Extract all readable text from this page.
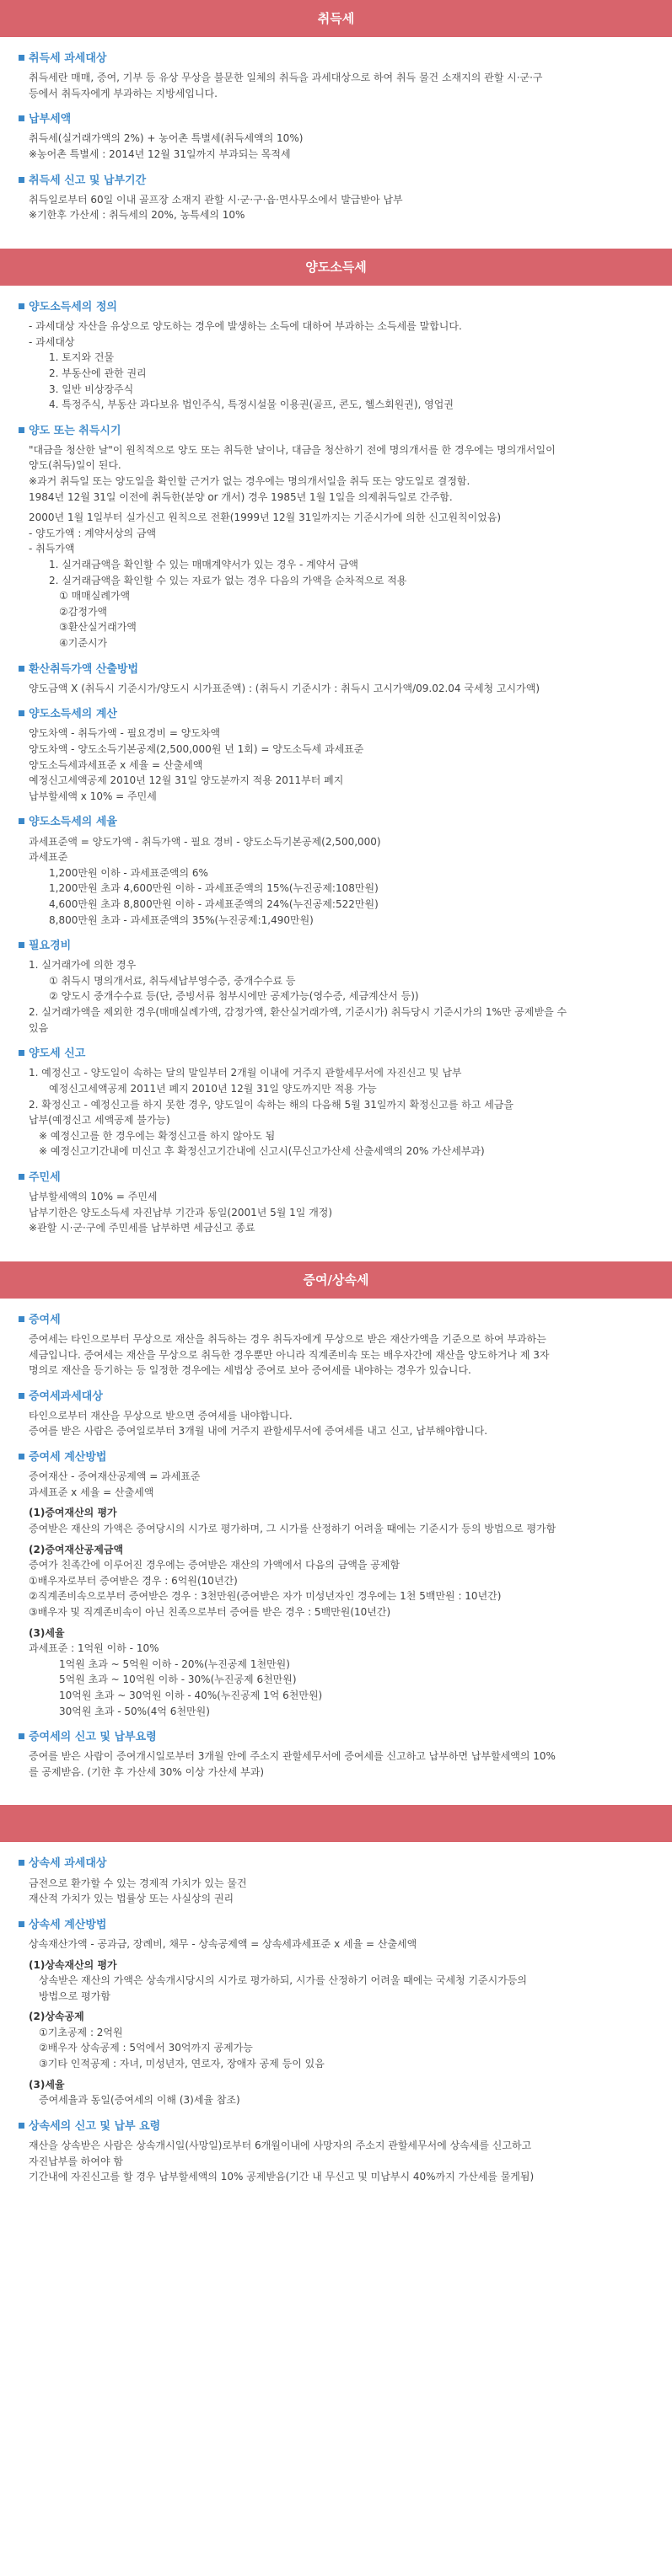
취득세
취득세 과세대상
취득세란 매매, 증여, 기부 등 유상 무상을 불문한 일체의 취득을 과세대상으로 하여 취득 물건 소재지의 관할 시·군·구
등에서 취득자에게 부과하는 지방세입니다.
납부세액
취득세(실거래가액의 2%) + 농어촌 특별세(취득세액의 10%)
※농어촌 특별세 : 2014년 12월 31일까지 부과되는 목적세
취득세 신고 및 납부기간
취득일로부터 60일 이내 골프장 소재지 관할 시·군·구·읍·면사무소에서 발급받아 납부
※기한후 가산세 : 취득세의 20%, 농특세의 10%
양도소득세
양도소득세의 정의
- 과세대상 자산을 유상으로 양도하는 경우에 발생하는 소득에 대하여 부과하는 소득세를 말합니다.
- 과세대상
1. 토지와 건물
2. 부동산에 관한 권리
3. 일반 비상장주식
4. 특정주식, 부동산 과다보유 법인주식, 특정시설물 이용권(골프, 콘도, 헬스회원권), 영업권
양도 또는 취득시기
"대금을 청산한 날"이 원칙적으로 양도 또는 취득한 날이나, 대금을 청산하기 전에 명의개서를 한 경우에는 명의개서일이
양도(취득)일이 된다.
※과거 취득일 또는 양도일을 확인할 근거가 없는 경우에는 명의개서일을 취득 또는 양도일로 결정함.
1984년 12월 31일 이전에 취득한(분양 or 개서) 경우 1985년 1월 1일을 의제취득일로 간주함.
2000년 1월 1일부터 실가신고 원칙으로 전환(1999년 12월 31일까지는 기준시가에 의한 신고원칙이었음)
- 양도가액 : 계약서상의 금액
- 취득가액
1. 실거래금액을 확인할 수 있는 매매계약서가 있는 경우 - 계약서 금액
2. 실거래금액을 확인할 수 있는 자료가 없는 경우 다음의 가액을 순차적으로 적용
① 매매실례가액
②감정가액
③환산실거래가액
④기준시가
환산취득가액 산출방법
양도금액 X (취득시 기준시가/양도시 시가표준액) : (취득시 기준시가 : 취득시 고시가액/09.02.04 국세청 고시가액)
양도소득세의 계산
양도차액 - 취득가액 - 필요경비 = 양도차액
양도차액 - 양도소득기본공제(2,500,000원 년 1회) = 양도소득세 과세표준
양도소득세과세표준 x 세율 = 산출세액
예정신고세액공제 2010년 12월 31일 양도분까지 적용 2011부터 폐지
납부할세액 x 10% = 주민세
양도소득세의 세율
과세표준액 = 양도가액 - 취득가액 - 필요 경비 - 양도소득기본공제(2,500,000)
과세표준
1,200만원 이하 - 과세표준액의 6%
1,200만원 초과 4,600만원 이하 - 과세표준액의 15%(누진공제:108만원)
4,600만원 초과 8,800만원 이하 - 과세표준액의 24%(누진공제:522만원)
8,800만원 초과 - 과세표준액의 35%(누진공제:1,490만원)
필요경비
1. 실거래가에 의한 경우
① 취득시 명의개서료, 취득세납부영수증, 중개수수료 등
② 양도시 중개수수료 등(단, 증빙서류 첨부시에만 공제가능(영수증, 세금계산서 등))
2. 실거래가액을 제외한 경우(매매실례가액, 감정가액, 환산실거래가액, 기준시가) 취득당시 기준시가의 1%만 공제받을 수
있음
양도세 신고
1. 예정신고 - 양도일이 속하는 달의 말일부터 2개월 이내에 거주지 관할세무서에 자진신고 및 납부
예정신고세액공제 2011년 폐지 2010년 12월 31일 양도까지만 적용 가능
2. 확정신고 - 예정신고를 하지 못한 경우, 양도일이 속하는 해의 다음해 5월 31일까지 확정신고를 하고 세금을
납부(예정신고 세액공제 불가능)
※ 예정신고를 한 경우에는 확정신고를 하지 않아도 됨
※ 예정신고기간내에 미신고 후 확정신고기간내에 신고시(무신고가산세 산출세액의 20% 가산세부과)
주민세
납부할세액의 10% = 주민세
납부기한은 양도소득세 자진납부 기간과 동일(2001년 5월 1일 개정)
※관할 시·군·구에 주민세를 납부하면 세금신고 종료
증여/상속세
증여세
증여세는 타인으로부터 무상으로 재산을 취득하는 경우 취득자에게 무상으로 받은 재산가액을 기준으로 하여 부과하는
세금입니다. 증여세는 재산을 무상으로 취득한 경우뿐만 아니라 직계존비속 또는 배우자간에 재산을 양도하거나 제 3자
명의로 재산을 등기하는 등 일정한 경우에는 세법상 증여로 보아 증여세를 내야하는 경우가 있습니다.
증여세과세대상
타인으로부터 재산을 무상으로 받으면 증여세를 내야합니다.
증여를 받은 사람은 증여일로부터 3개월 내에 거주지 관할세무서에 증여세를 내고 신고, 납부해야합니다.
증여세 계산방법
증여재산 - 증여재산공제액 = 과세표준
과세표준 x 세율 = 산출세액
(1)증여재산의 평가
증여받은 재산의 가액은 증여당시의 시가로 평가하며, 그 시가를 산정하기 어려울 때에는 기준시가 등의 방법으로 평가함
(2)증여재산공제금액
증여가 친족간에 이루어진 경우에는 증여받은 재산의 가액에서 다음의 금액을 공제함
①배우자로부터 증여받은 경우 : 6억원(10년간)
②직계존비속으로부터 증여받은 경우 : 3천만원(증여받은 자가 미성년자인 경우에는 1천 5백만원 : 10년간)
③배우자 및 직계존비속이 아닌 친족으로부터 증여를 받은 경우 : 5백만원(10년간)
(3)세율
과세표준 : 1억원 이하 - 10%
1억원 초과 ~ 5억원 이하 - 20%(누진공제 1천만원)
5억원 초과 ~ 10억원 이하 - 30%(누진공제 6천만원)
10억원 초과 ~ 30억원 이하 - 40%(누진공제 1억 6천만원)
30억원 초과 - 50%(4억 6천만원)
증여세의 신고 및 납부요령
증여를 받은 사람이 증여개시일로부터 3개월 안에 주소지 관할세무서에 증여세를 신고하고 납부하면 납부할세액의 10%
를 공제받음. (기한 후 가산세 30% 이상 가산세 부과)
상속세 과세대상
금전으로 환가할 수 있는 경제적 가치가 있는 물건
재산적 가치가 있는 법률상 또는 사실상의 권리
상속세 계산방법
상속재산가액 - 공과금, 장례비, 채무 - 상속공제액 = 상속세과세표준 x 세율 = 산출세액
(1)상속재산의 평가
상속받은 재산의 가액은 상속개시당시의 시가로 평가하되, 시가를 산정하기 어려울 때에는 국세청 기준시가등의
방법으로 평가함
(2)상속공제
①기초공제 : 2억원
②배우자 상속공제 : 5억에서 30억까지 공제가능
③기타 인적공제 : 자녀, 미성년자, 연로자, 장애자 공제 등이 있음
(3)세율
증여세율과 동일(증여세의 이해 (3)세율 참조)
상속세의 신고 및 납부 요령
재산을 상속받은 사람은 상속개시일(사망일)로부터 6개월이내에 사망자의 주소지 관할세무서에 상속세를 신고하고
자진납부를 하여야 함
기간내에 자진신고를 할 경우 납부할세액의 10% 공제받음(기간 내 무신고 및 미납부시 40%까지 가산세를 물게됨)
